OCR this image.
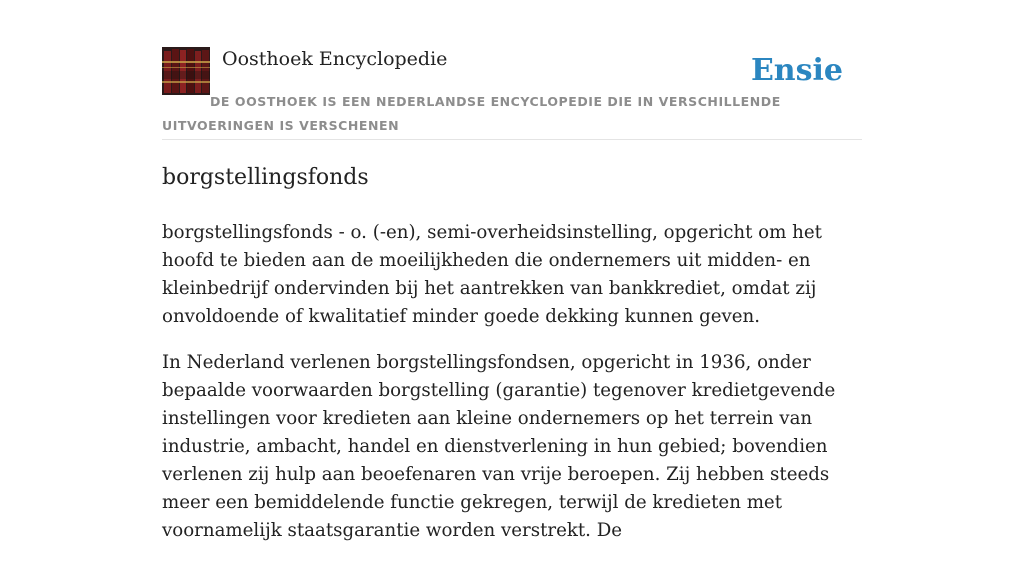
Oosthoek Encyclopedie	Ensie
DE OOSTHOEK IS EEN NEDERLANDSE ENCYCLOPEDIE DIE IN VERSCHILLENDE UITVOERINGEN IS VERSCHENEN
borgstellingsfonds

borgstellingsfonds - o. (-en), semi-overheidsinstelling, opgericht om het hoofd te bieden aan de moeilijkheden die ondernemers uit midden- en kleinbedrijf ondervinden bij het aantrekken van bankkrediet, omdat zij onvoldoende of kwalitatief minder goede dekking kunnen geven.

In Nederland verlenen borgstellingsfondsen, opgericht in 1936, onder bepaalde voorwaarden borgstelling (garantie) tegenover kredietgevende instellingen voor kredieten aan kleine ondernemers op het terrein van industrie, ambacht, handel en dienstverlening in hun gebied; bovendien verlenen zij hulp aan beoefenaren van vrije beroepen. Zij hebben steeds meer een bemiddelende functie gekregen, terwijl de kredieten met voornamelijk staatsgarantie worden verstrekt. De
